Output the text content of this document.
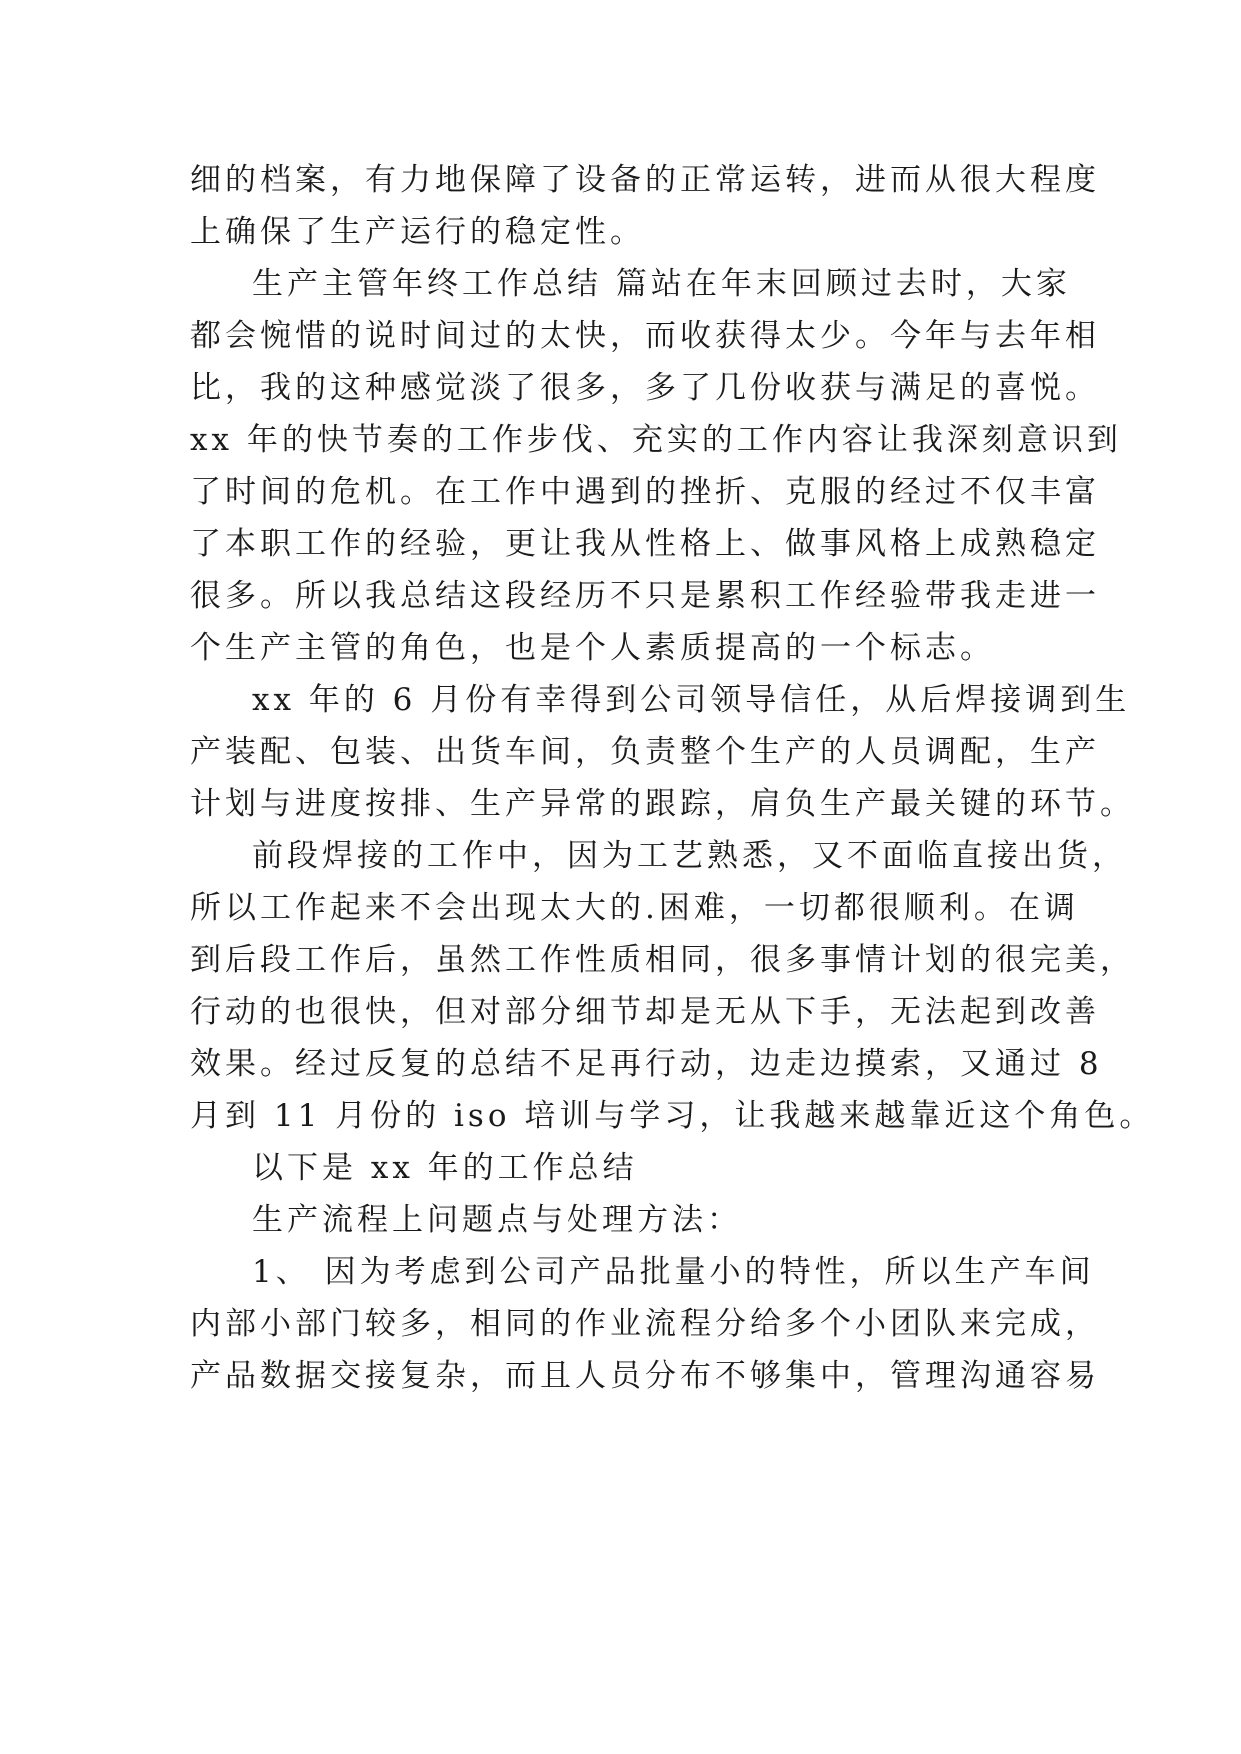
细的档案，有力地保障了设备的正常运转，进而从很大程度
上确保了生产运行的稳定性。
生产主管年终工作总结 篇站在年末回顾过去时，大家
都会惋惜的说时间过的太快，而收获得太少。今年与去年相
比，我的这种感觉淡了很多，多了几份收获与满足的喜悦。
xx 年的快节奏的工作步伐、充实的工作内容让我深刻意识到
了时间的危机。在工作中遇到的挫折、克服的经过不仅丰富
了本职工作的经验，更让我从性格上、做事风格上成熟稳定
很多。所以我总结这段经历不只是累积工作经验带我走进一
个生产主管的角色，也是个人素质提高的一个标志。
xx 年的 6 月份有幸得到公司领导信任，从后焊接调到生
产装配、包装、出货车间，负责整个生产的人员调配，生产
计划与进度按排、生产异常的跟踪，肩负生产最关键的环节。
前段焊接的工作中，因为工艺熟悉，又不面临直接出货，
所以工作起来不会出现太大的.困难，一切都很顺利。在调
到后段工作后，虽然工作性质相同，很多事情计划的很完美，
行动的也很快，但对部分细节却是无从下手，无法起到改善
效果。经过反复的总结不足再行动，边走边摸索，又通过 8
月到 11 月份的 iso 培训与学习，让我越来越靠近这个角色。
以下是 xx 年的工作总结
生产流程上问题点与处理方法：
1、 因为考虑到公司产品批量小的特性，所以生产车间
内部小部门较多，相同的作业流程分给多个小团队来完成，
产品数据交接复杂，而且人员分布不够集中，管理沟通容易
